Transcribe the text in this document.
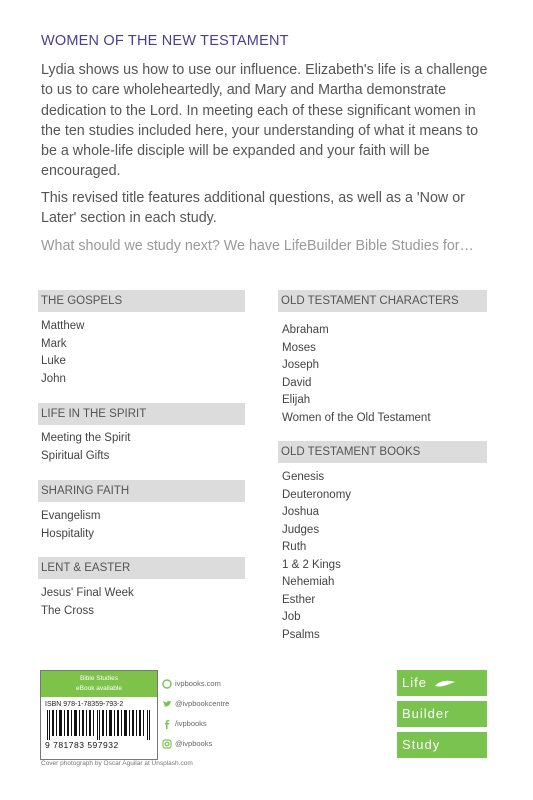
WOMEN OF THE NEW TESTAMENT
Lydia shows us how to use our influence. Elizabeth's life is a challenge to us to care wholeheartedly, and Mary and Martha demonstrate dedication to the Lord. In meeting each of these significant women in the ten studies included here, your understanding of what it means to be a whole-life disciple will be expanded and your faith will be encouraged.
This revised title features additional questions, as well as a 'Now or Later' section in each study.
What should we study next? We have LifeBuilder Bible Studies for…
THE GOSPELS
Matthew
Mark
Luke
John
LIFE IN THE SPIRIT
Meeting the Spirit
Spiritual Gifts
SHARING FAITH
Evangelism
Hospitality
LENT & EASTER
Jesus' Final Week
The Cross
OLD TESTAMENT CHARACTERS
Abraham
Moses
Joseph
David
Elijah
Women of the Old Testament
OLD TESTAMENT BOOKS
Genesis
Deuteronomy
Joshua
Judges
Ruth
1 & 2 Kings
Nehemiah
Esther
Job
Psalms
Bible Studies
eBook available
ISBN 978-1-78359-793-2
9 781783 597932
ivpbooks.com
@ivpbookcentre
/ivpbooks
@ivpbooks
Cover photograph by Oscar Aguilar at Unsplash.com
Life
Builder
Study
